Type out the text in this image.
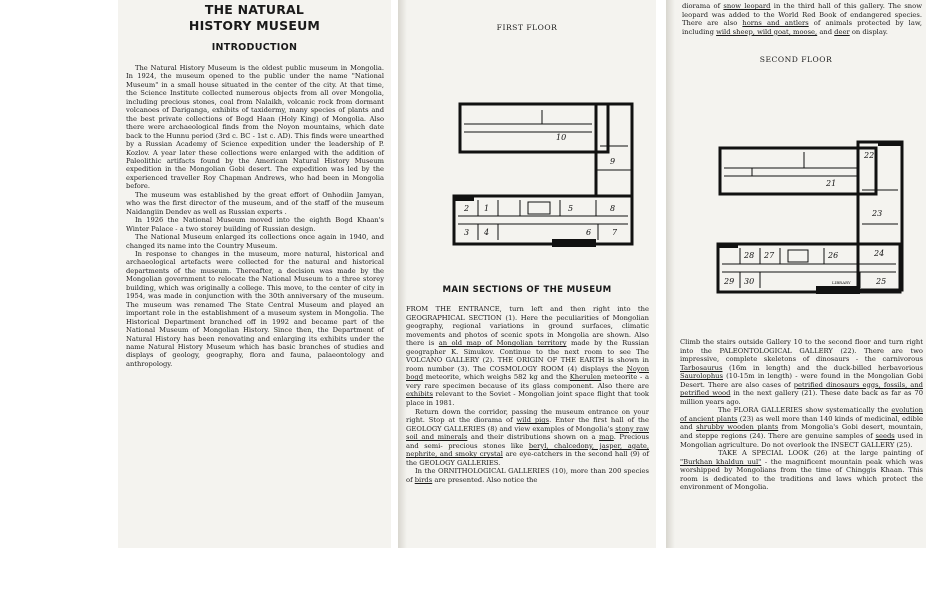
THE NATURAL
HISTORY MUSEUM
INTRODUCTION

The Natural History Museum is the oldest public museum in Mongolia. In 1924, the museum opened to the public under the name "National Museum" in a small house situated in the center of the city. At that time, the Science Institute collected numerous objects from all over Mongolia, including precious stones, coal from Nalaikh, volcanic rock from dormant volcanoes of Dariganga, exhibits of taxidermy, many species of plants and the best private collections of Bogd Haan (Holy King) of Mongolia. Also there were archaeological finds from the Noyon mountains, which date back to the Hunnu period (3rd c. BC - 1st c. AD). This finds were unearthed by a Russian Academy of Science expedition under the leadership of P. Kozlov. A year later these collections were enlarged with the addition of Paleolithic artifacts found by the American Natural History Museum expedition in the Mongolian Gobi desert. The expedition was led by the experienced traveller Roy Chapman Andrews, who had been in Mongolia before.

The museum was established by the great effort of Onhodiin Jamyan, who was the first director of the museum, and of the staff of the museum Naidangiin Dendev as well as Russian experts .

In 1926 the National Museum moved into the eighth Bogd Khaan's Winter Palace - a two storey building of Russian design.

The National Museum enlarged its collections once again in 1940, and changed its name into the Country Museum.

In response to changes in the museum, more natural, historical and archaeological artefacts were collected for the natural and historical departments of the museum. Thereafter, a decision was made by the Mongolian government to relocate the National Museum to a three storey building, which was originally a college. This move, to the center of city in 1954, was made in conjunction with the 30th anniversary of the museum. The museum was renamed The State Central Museum and played an important role in the establishment of a museum system in Mongolia. The Historical Department branched off in 1992 and became part of the National Museum of Mongolian History. Since then, the Department of Natural History has been renovating and enlarging its exhibits under the name Natural History Museum which has basic branches of studies and displays of geology, geography, flora and fauna, palaeontology and anthropology.

FIRST FLOOR
10
9
2 1	5	8
3 4	6	7
MAIN SECTIONS OF THE MUSEUM

FROM THE ENTRANCE, turn left and then right into the GEOGRAPHICAL SECTION (1). Here the peculiarities of Mongolian geography, regional variations in ground surfaces, climatic movements and photos of scenic spots in Mongolia are shown. Also there is an old map of Mongolian territory made by the Russian geographer K. Simukov. Continue to the next room to see The VOLCANO GALLERY (2). THE ORIGIN OF THE EARTH is shown in room number (3). The COSMOLOGY ROOM (4) displays the Noyon bogd meteorite, which weighs 582 kg and the Kherulen meteorite - a very rare specimen because of its glass component. Also there are exhibits relevant to the Soviet - Mongolian joint space flight that took place in 1981.

Return down the corridor, passing the museum entrance on your right. Stop at the diorama of wild pigs. Enter the first hall of the GEOLOGY GALLERIES (8) and view examples of Mongolia's stony raw soil and minerals and their distributions shown on a map. Precious and semi- precious stones like beryl, chalcedony, jasper, agate, nephrite, and smoky crystal are eye-catchers in the second hall (9) of the GEOLOGY GALLERIES.

In the ORNITHOLOGICAL GALLERIES (10), more than 200 species of birds are presented. Also notice the

diorama of snow leopard in the third hall of this gallery. The snow leopard was added to the World Red Book of endangered species. There are also horns and antlers of animals protected by law, including wild sheep, wild goat, moose, and deer on display.

SECOND FLOOR
21
22
23
24
25
26
27
28
29 30	LIBRARY

Climb the stairs outside Gallery 10 to the second floor and turn right into the PALEONTOLOGICAL GALLERY (22). There are two impressive, complete skeletons of dinosaurs - the carnivorous Tarbosaurus (16m in length) and the duck-billed herbavorious Saurolophus (10-15m in length) - were found in the Mongolian Gobi Desert. There are also cases of petrified dinosaurs eggs, fossils, and petrified wood in the next gallery (21). These date back as far as 70 million years ago.

The FLORA GALLERIES show systematically the evolution of ancient plants (23) as well more than 140 kinds of medicinal, edible and shrubby wooden plants from Mongolia's Gobi desert, mountain, and steppe regions (24). There are genuine samples of seeds used in Mongolian agriculture. Do not overlook the INSECT GALLERY (25).

TAKE A SPECIAL LOOK (26) at the large painting of "Burkhan khaldun uul" - the magnificent mountain peak which was worshipped by Mongolians from the time of Chinggis Khaan. This room is dedicated to the traditions and laws which protect the environment of Mongolia.
